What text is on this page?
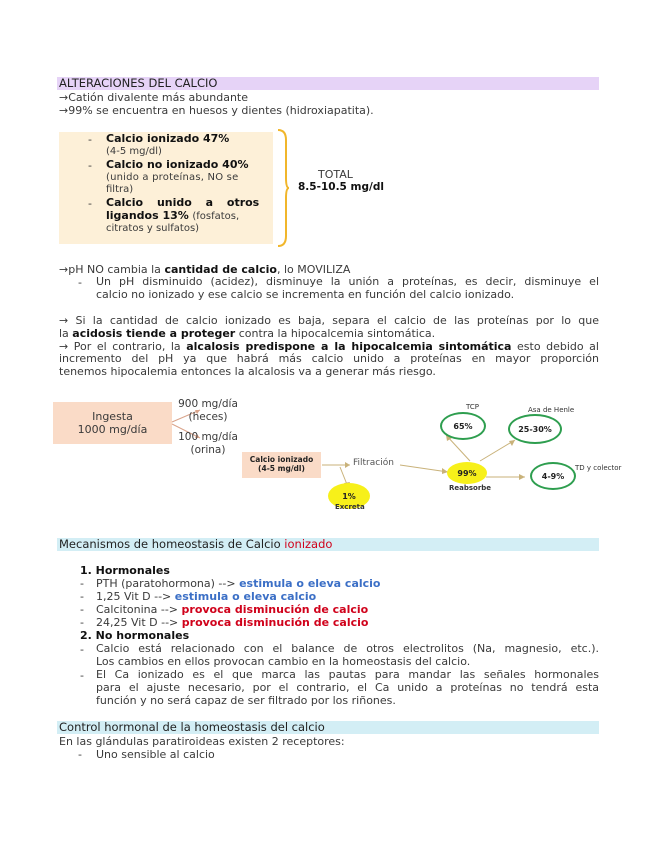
ALTERACIONES DEL CALCIO
→Catión divalente más abundante
→99% se encuentra en huesos y dientes (hidroxiapatita).
- Calcio ionizado 47%
(4-5 mg/dl)
- Calcio no ionizado 40%
(unido a proteínas, NO se
filtra)
- Calcio unido a otros
ligandos 13% (fosfatos,
citratos y sulfatos)
TOTAL
8.5-10.5 mg/dl
→pH NO cambia la cantidad de calcio, lo MOVILIZA
- Un pH disminuido (acidez), disminuye la unión a proteínas, es decir, disminuye el
calcio no ionizado y ese calcio se incrementa en función del calcio ionizado.
→ Si la cantidad de calcio ionizado es baja, separa el calcio de las proteínas por lo que
la acidosis tiende a proteger contra la hipocalcemia sintomática.
→ Por el contrario, la alcalosis predispone a la hipocalcemia sintomática esto debido al
incremento del pH ya que habrá más calcio unido a proteínas en mayor proporción
tenemos hipocalemia entonces la alcalosis va a generar más riesgo.
Ingesta
1000 mg/día
900 mg/día
(heces)
100 mg/día
(orina)
Calcio ionizado
(4-5 mg/dl)
Filtración
1%
Excreta
99%
Reabsorbe
TCP
65%
Asa de Henle
25-30%
TD y colector
4-9%
Mecanismos de homeostasis de Calcio ionizado
1. Hormonales
- PTH (paratohormona) --> estimula o eleva calcio
- 1,25 Vit D --> estimula o eleva calcio
- Calcitonina --> provoca disminución de calcio
- 24,25 Vit D --> provoca disminución de calcio
2. No hormonales
- Calcio está relacionado con el balance de otros electrolitos (Na, magnesio, etc.).
Los cambios en ellos provocan cambio en la homeostasis del calcio.
- El Ca ionizado es el que marca las pautas para mandar las señales hormonales
para el ajuste necesario, por el contrario, el Ca unido a proteínas no tendrá esta
función y no será capaz de ser filtrado por los riñones.
Control hormonal de la homeostasis del calcio
En las glándulas paratiroideas existen 2 receptores:
- Uno sensible al calcio
